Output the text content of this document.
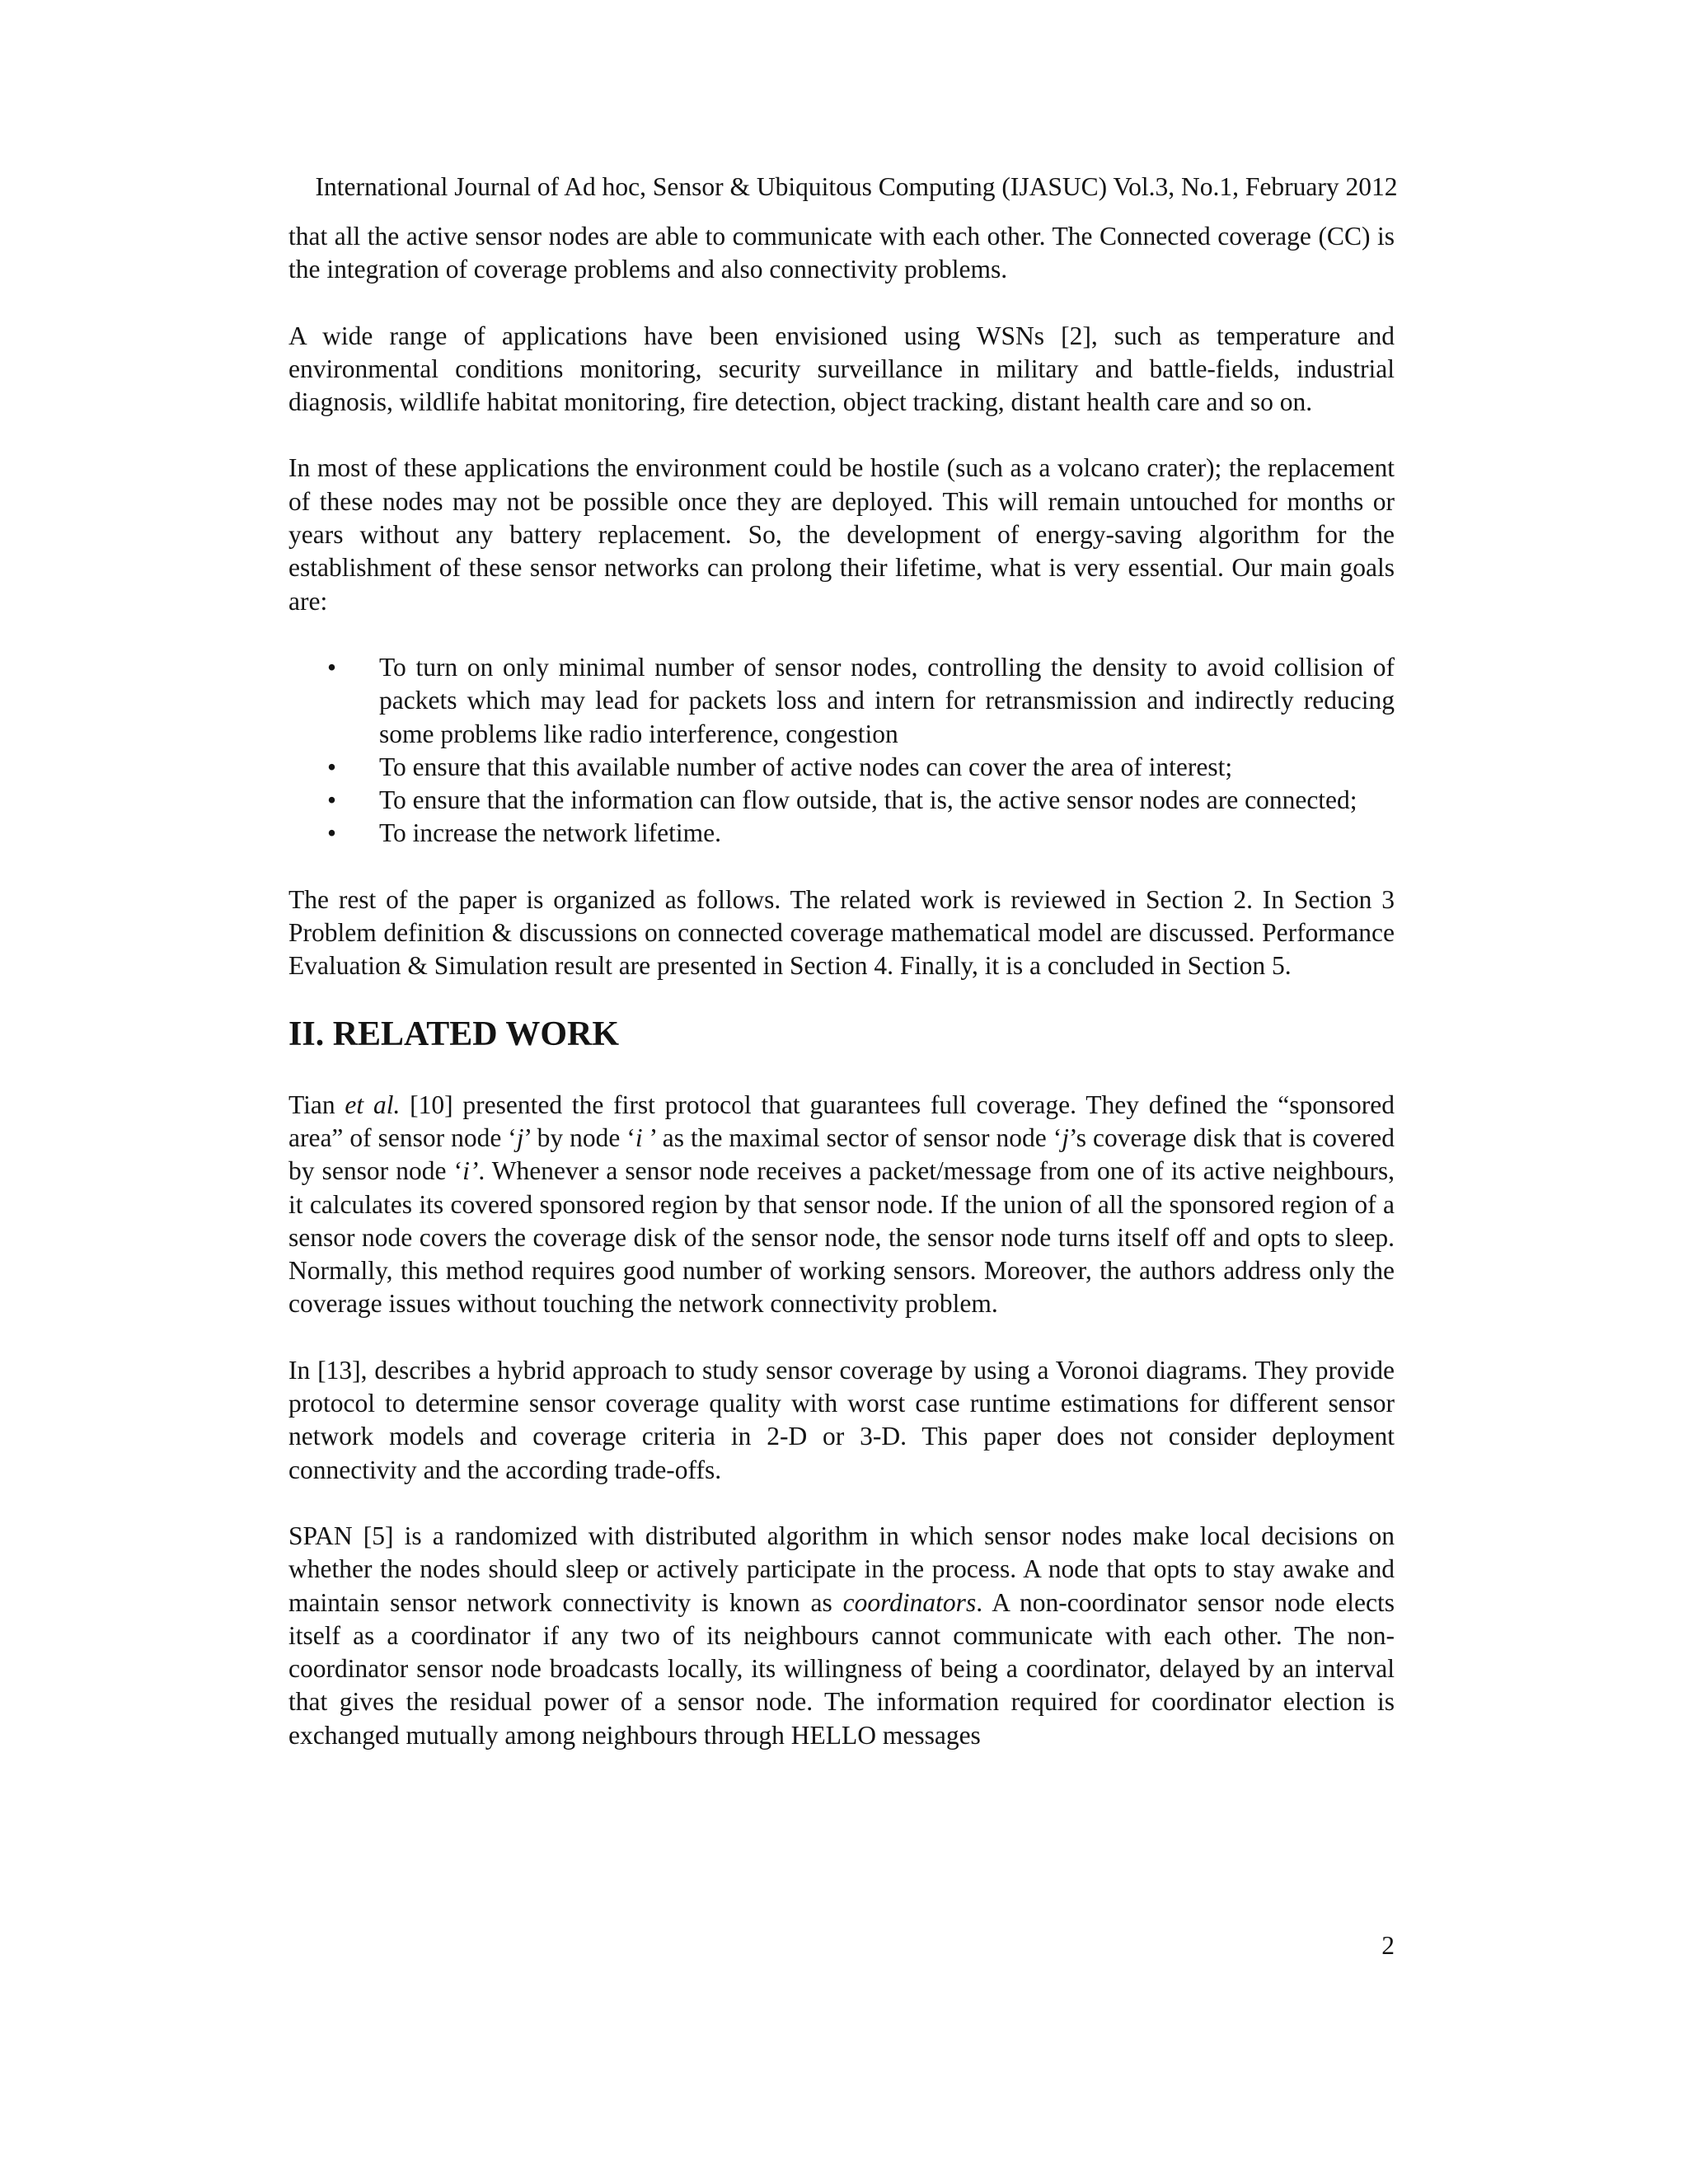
International Journal of Ad hoc, Sensor & Ubiquitous Computing (IJASUC) Vol.3, No.1, February 2012

that all the active sensor nodes are able to communicate with each other. The Connected coverage (CC) is the integration of coverage problems and also connectivity problems.

A wide range of applications have been envisioned using WSNs [2], such as temperature and environmental conditions monitoring, security surveillance in military and battle-fields, industrial diagnosis, wildlife habitat monitoring, fire detection, object tracking, distant health care and so on.

In most of these applications the environment could be hostile (such as a volcano crater); the replacement of these nodes may not be possible once they are deployed. This will remain untouched for months or years without any battery replacement. So, the development of energy-saving algorithm for the establishment of these sensor networks can prolong their lifetime, what is very essential. Our main goals are:

• To turn on only minimal number of sensor nodes, controlling the density to avoid collision of packets which may lead for packets loss and intern for retransmission and indirectly reducing some problems like radio interference, congestion
• To ensure that this available number of active nodes can cover the area of interest;
• To ensure that the information can flow outside, that is, the active sensor nodes are connected;
• To increase the network lifetime.

The rest of the paper is organized as follows. The related work is reviewed in Section 2. In Section 3 Problem definition & discussions on connected coverage mathematical model are discussed. Performance Evaluation & Simulation result are presented in Section 4. Finally, it is a concluded in Section 5.

II. RELATED WORK

Tian et al. [10] presented the first protocol that guarantees full coverage. They defined the “sponsored area” of sensor node ‘j’ by node ‘i ’ as the maximal sector of sensor node ‘j’s coverage disk that is covered by sensor node ‘i’. Whenever a sensor node receives a packet/message from one of its active neighbours, it calculates its covered sponsored region by that sensor node. If the union of all the sponsored region of a sensor node covers the coverage disk of the sensor node, the sensor node turns itself off and opts to sleep. Normally, this method requires good number of working sensors. Moreover, the authors address only the coverage issues without touching the network connectivity problem.

In [13], describes a hybrid approach to study sensor coverage by using a Voronoi diagrams. They provide protocol to determine sensor coverage quality with worst case runtime estimations for different sensor network models and coverage criteria in 2-D or 3-D. This paper does not consider deployment connectivity and the according trade-offs.

SPAN [5] is a randomized with distributed algorithm in which sensor nodes make local decisions on whether the nodes should sleep or actively participate in the process. A node that opts to stay awake and maintain sensor network connectivity is known as coordinators. A non-coordinator sensor node elects itself as a coordinator if any two of its neighbours cannot communicate with each other. The non-coordinator sensor node broadcasts locally, its willingness of being a coordinator, delayed by an interval that gives the residual power of a sensor node. The information required for coordinator election is exchanged mutually among neighbours through HELLO messages

2
